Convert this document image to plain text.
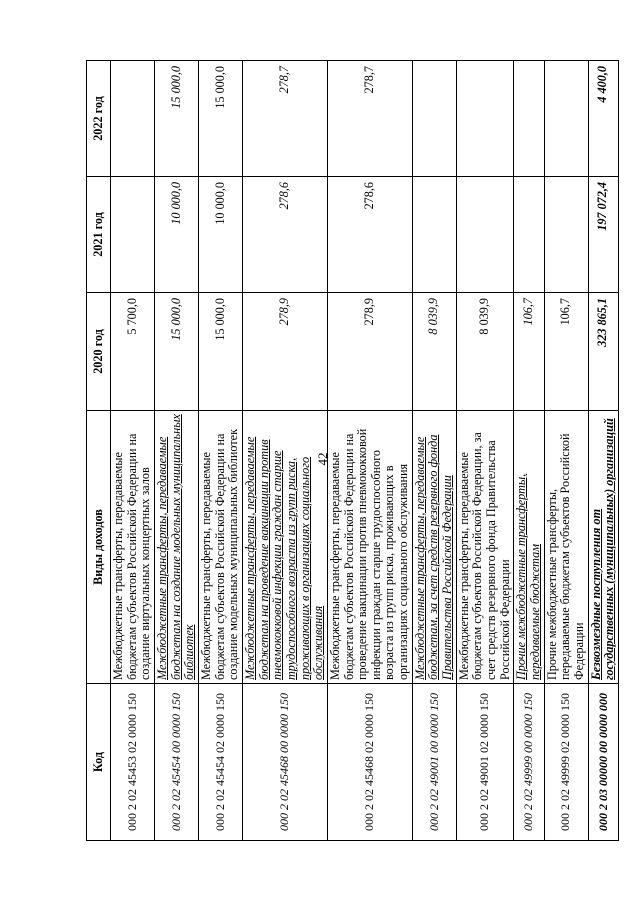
42
Код	Виды доходов	2020 год	2021 год	2022 год
000 2 02 45453 02 0000 150	Межбюджетные трансферты, передаваемые бюджетам субъектов Российской Федерации на создание виртуальных концертных залов	5 700,0		
000 2 02 45454 00 0000 150	Межбюджетные трансферты, передаваемые бюджетам на создание модельных муниципальных библиотек	15 000,0	10 000,0	15 000,0
000 2 02 45454 02 0000 150	Межбюджетные трансферты, передаваемые бюджетам субъектов Российской Федерации на создание модельных муниципальных библиотек	15 000,0	10 000,0	15 000,0
000 2 02 45468 00 0000 150	Межбюджетные трансферты, передаваемые бюджетам на проведение вакцинации против пневмококковой инфекции граждан старше трудоспособного возраста из групп риска, проживающих в организациях социального обслуживания	278,9	278,6	278,7
000 2 02 45468 02 0000 150	Межбюджетные трансферты, передаваемые бюджетам субъектов Российской Федерации на проведение вакцинации против пневмококковой инфекции граждан старше трудоспособного возраста из групп риска, проживающих в организациях социального обслуживания	278,9	278,6	278,7
000 2 02 49001 00 0000 150	Межбюджетные трансферты, передаваемые бюджетам, за счет средств резервного фонда Правительства Российской Федерации	8 039,9		
000 2 02 49001 02 0000 150	Межбюджетные трансферты, передаваемые бюджетам субъектов Российской Федерации, за счет средств резервного фонда Правительства Российской Федерации	8 039,9		
000 2 02 49999 00 0000 150	Прочие межбюджетные трансферты, передаваемые бюджетам	106,7		
000 2 02 49999 02 0000 150	Прочие межбюджетные трансферты, передаваемые бюджетам субъектов Российской Федерации	106,7		
000 2 03 00000 00 0000 000	Безвозмездные поступления от государственных (муниципальных) организаций	323 865,1	197 072,4	4 400,0
